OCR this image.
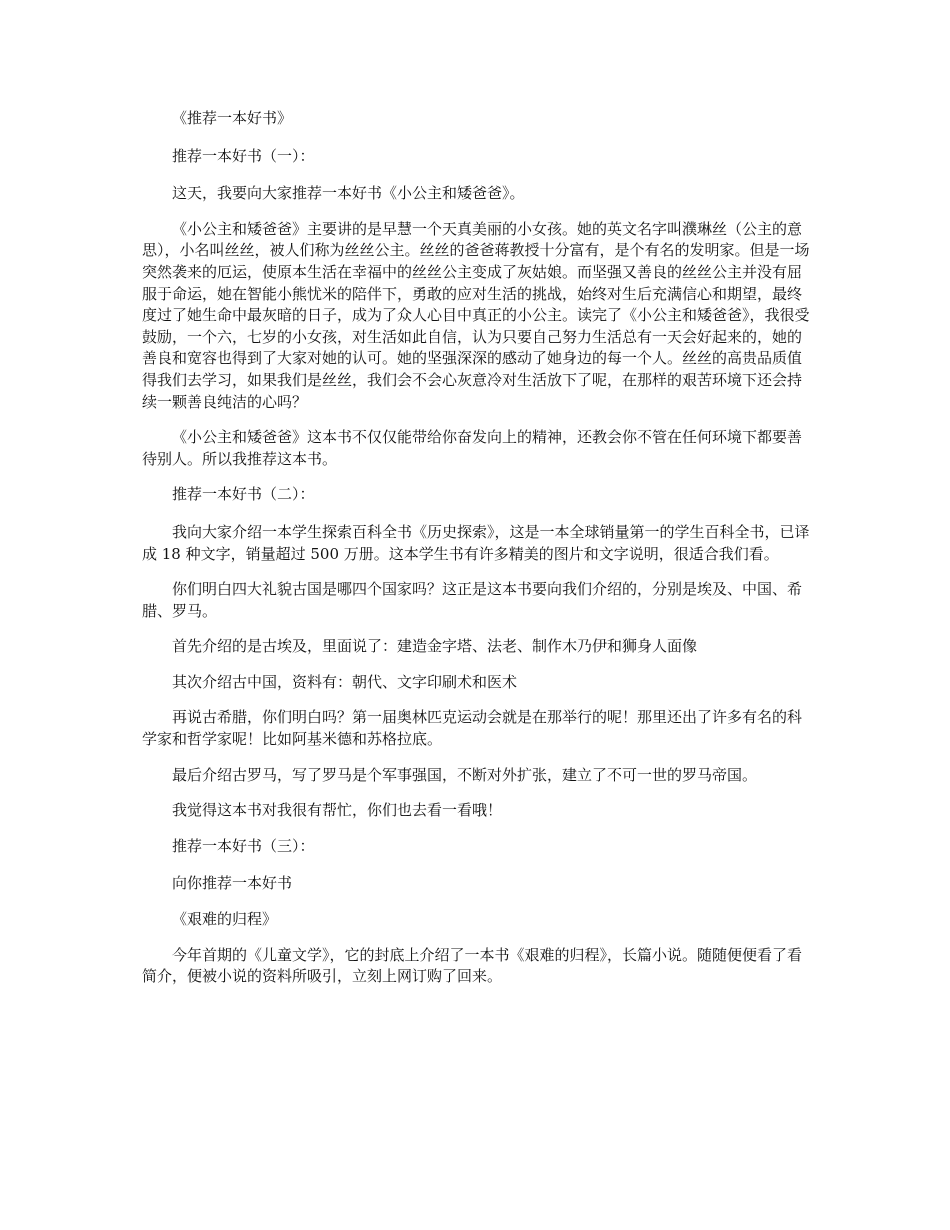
《推荐一本好书》

推荐一本好书（一）：

这天，我要向大家推荐一本好书《小公主和矮爸爸》。

《小公主和矮爸爸》主要讲的是早慧一个天真美丽的小女孩。她的英文名字叫濮琳丝（公主的意思），小名叫丝丝，被人们称为丝丝公主。丝丝的爸爸蒋教授十分富有，是个有名的发明家。但是一场突然袭来的厄运，使原本生活在幸福中的丝丝公主变成了灰姑娘。而坚强又善良的丝丝公主并没有屈服于命运，她在智能小熊忧米的陪伴下，勇敢的应对生活的挑战，始终对生后充满信心和期望，最终度过了她生命中最灰暗的日子，成为了众人心目中真正的小公主。读完了《小公主和矮爸爸》，我很受鼓励，一个六，七岁的小女孩，对生活如此自信，认为只要自己努力生活总有一天会好起来的，她的善良和宽容也得到了大家对她的认可。她的坚强深深的感动了她身边的每一个人。丝丝的高贵品质值得我们去学习，如果我们是丝丝，我们会不会心灰意冷对生活放下了呢，在那样的艰苦环境下还会持续一颗善良纯洁的心吗？

《小公主和矮爸爸》这本书不仅仅能带给你奋发向上的精神，还教会你不管在任何环境下都要善待别人。所以我推荐这本书。

推荐一本好书（二）：

我向大家介绍一本学生探索百科全书《历史探索》，这是一本全球销量第一的学生百科全书，已译成 18 种文字，销量超过 500 万册。这本学生书有许多精美的图片和文字说明，很适合我们看。

你们明白四大礼貌古国是哪四个国家吗？这正是这本书要向我们介绍的，分别是埃及、中国、希腊、罗马。

首先介绍的是古埃及，里面说了：建造金字塔、法老、制作木乃伊和狮身人面像

其次介绍古中国，资料有：朝代、文字印刷术和医术

再说古希腊，你们明白吗？第一届奥林匹克运动会就是在那举行的呢！那里还出了许多有名的科学家和哲学家呢！比如阿基米德和苏格拉底。

最后介绍古罗马，写了罗马是个军事强国，不断对外扩张，建立了不可一世的罗马帝国。

我觉得这本书对我很有帮忙，你们也去看一看哦！

推荐一本好书（三）：

向你推荐一本好书

《艰难的归程》

今年首期的《儿童文学》，它的封底上介绍了一本书《艰难的归程》，长篇小说。随随便便看了看简介，便被小说的资料所吸引，立刻上网订购了回来。
